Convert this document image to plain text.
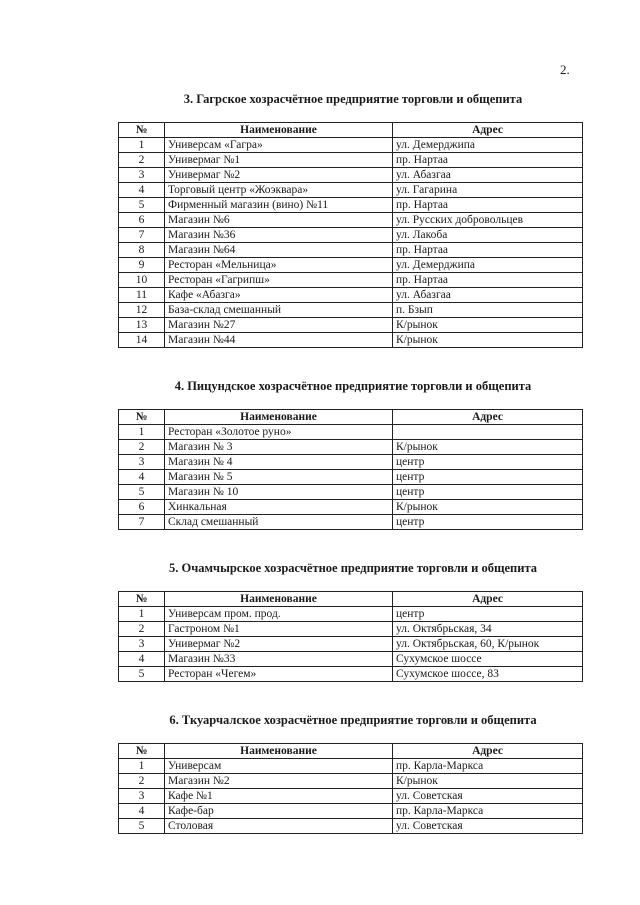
2.
3. Гагрское хозрасчётное предприятие торговли и общепита
№	Наименование	Адрес
1	Универсам «Гагра»	ул. Демерджипа
2	Универмаг №1	пр. Нартаа
3	Универмаг №2	ул. Абазгаа
4	Торговый центр «Жоэквара»	ул. Гагарина
5	Фирменный магазин (вино) №11	пр. Нартаа
6	Магазин №6	ул. Русских добровольцев
7	Магазин №36	ул. Лакоба
8	Магазин №64	пр. Нартаа
9	Ресторан «Мельница»	ул. Демерджипа
10	Ресторан «Гагрипш»	пр. Нартаа
11	Кафе «Абазга»	ул. Абазгаа
12	База-склад смешанный	п. Бзып
13	Магазин №27	К/рынок
14	Магазин №44	К/рынок
4. Пицундское хозрасчётное предприятие торговли и общепита
№	Наименование	Адрес
1	Ресторан «Золотое руно»	
2	Магазин № 3	К/рынок
3	Магазин № 4	центр
4	Магазин № 5	центр
5	Магазин № 10	центр
6	Хинкальная	К/рынок
7	Склад смешанный	центр
5. Очамчырское хозрасчётное предприятие торговли и общепита
№	Наименование	Адрес
1	Универсам пром. прод.	центр
2	Гастроном №1	ул. Октябрьская, 34
3	Универмаг №2	ул. Октябрьская, 60, К/рынок
4	Магазин №33	Сухумское шоссе
5	Ресторан «Чегем»	Сухумское шоссе, 83
6. Ткуарчалское хозрасчётное предприятие торговли и общепита
№	Наименование	Адрес
1	Универсам	пр. Карла-Маркса
2	Магазин №2	К/рынок
3	Кафе №1	ул. Советская
4	Кафе-бар	пр. Карла-Маркса
5	Столовая	ул. Советская
